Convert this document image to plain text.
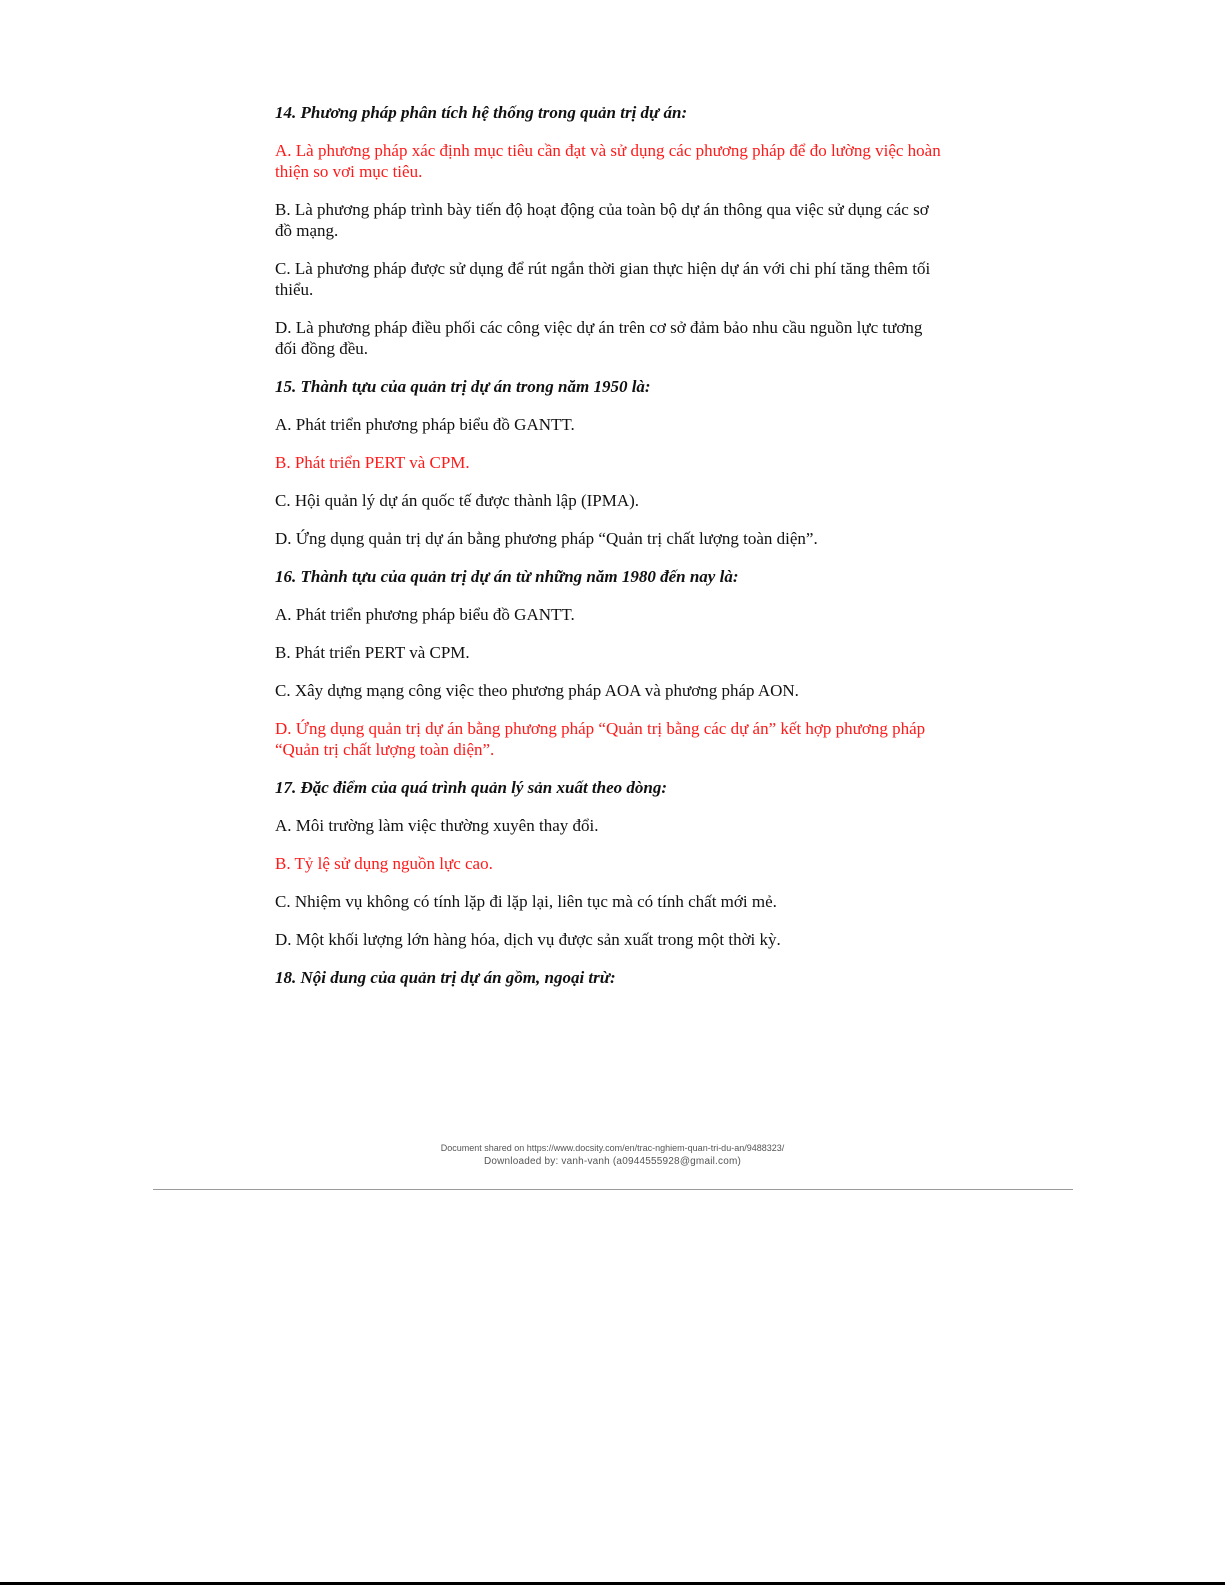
14. Phương pháp phân tích hệ thống trong quản trị dự án:
A. Là phương pháp xác định mục tiêu cần đạt và sử dụng các phương pháp để đo lường việc hoàn thiện so vơi mục tiêu.
B. Là phương pháp trình bày tiến độ hoạt động của toàn bộ dự án thông qua việc sử dụng các sơ đồ mạng.
C. Là phương pháp được sử dụng để rút ngắn thời gian thực hiện dự án với chi phí tăng thêm tối thiểu.
D. Là phương pháp điều phối các công việc dự án trên cơ sở đảm bảo nhu cầu nguồn lực tương đối đồng đều.
15. Thành tựu của quản trị dự án trong năm 1950 là:
A. Phát triển phương pháp biểu đồ GANTT.
B. Phát triển PERT và CPM.
C. Hội quản lý dự án quốc tế được thành lập (IPMA).
D. Ứng dụng quản trị dự án bằng phương pháp “Quản trị chất lượng toàn diện”.
16. Thành tựu của quản trị dự án từ những năm 1980 đến nay là:
A. Phát triển phương pháp biểu đồ GANTT.
B. Phát triển PERT và CPM.
C. Xây dựng mạng công việc theo phương pháp AOA và phương pháp AON.
D. Ứng dụng quản trị dự án bằng phương pháp “Quản trị bằng các dự án” kết hợp phương pháp “Quản trị chất lượng toàn diện”.
17. Đặc điểm của quá trình quản lý sản xuất theo dòng:
A. Môi trường làm việc thường xuyên thay đổi.
B. Tỷ lệ sử dụng nguồn lực cao.
C. Nhiệm vụ không có tính lặp đi lặp lại, liên tục mà có tính chất mới mẻ.
D. Một khối lượng lớn hàng hóa, dịch vụ được sản xuất trong một thời kỳ.
18. Nội dung của quản trị dự án gồm, ngoại trừ:
Document shared on https://www.docsity.com/en/trac-nghiem-quan-tri-du-an/9488323/
Downloaded by: vanh-vanh (a0944555928@gmail.com)
